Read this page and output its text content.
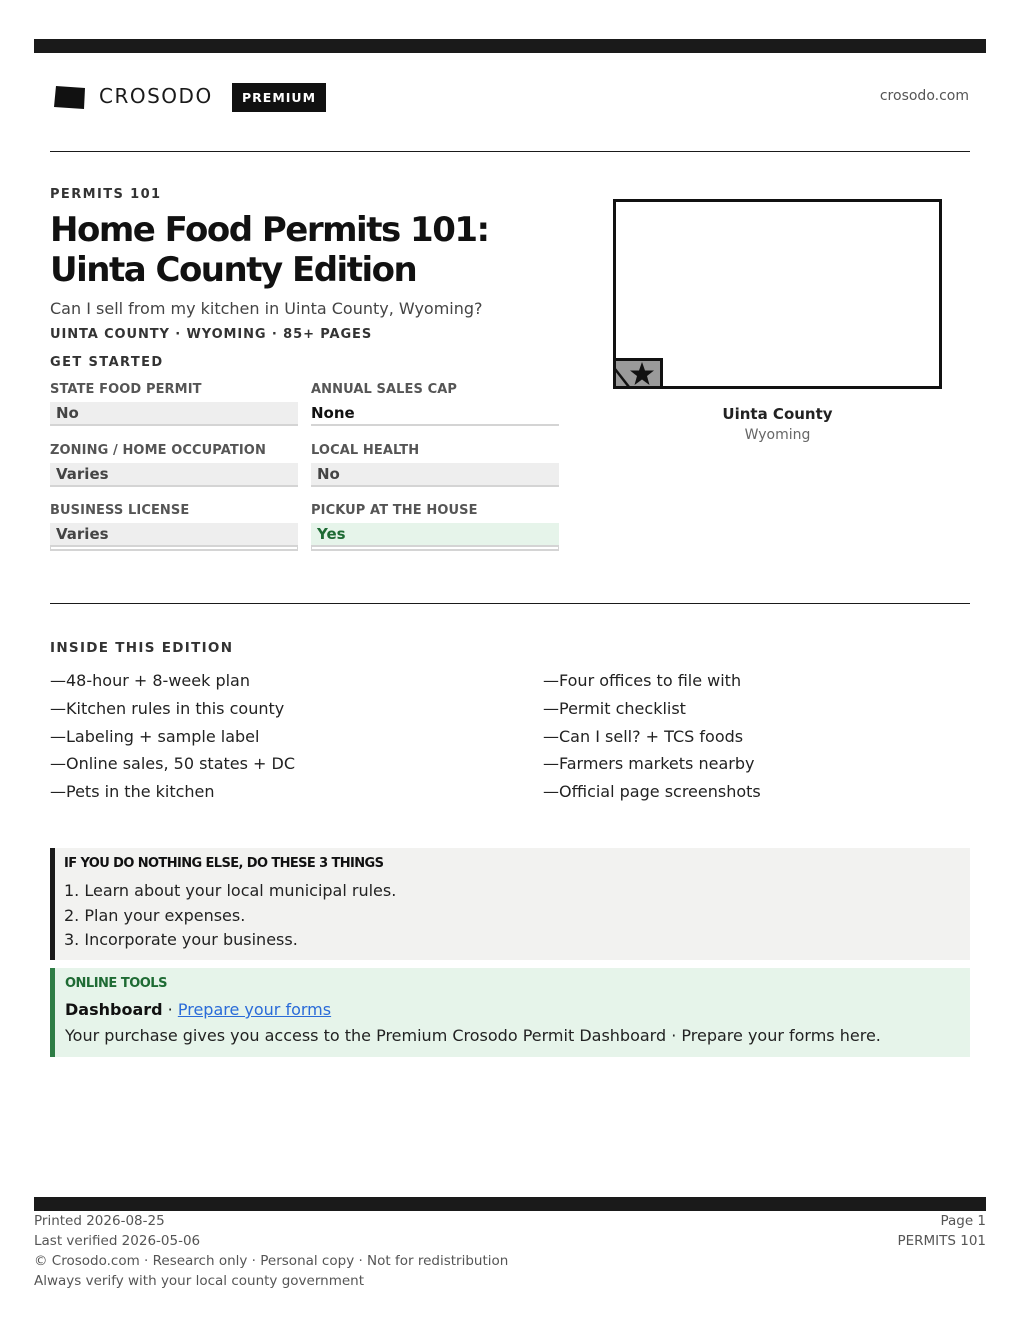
CROSODO	PREMIUM	crosodo.com
PERMITS 101
Home Food Permits 101: Uinta County Edition
Can I sell from my kitchen in Uinta County, Wyoming?
UINTA COUNTY · WYOMING · 85+ PAGES
GET STARTED
STATE FOOD PERMIT
No
ANNUAL SALES CAP
None
ZONING / HOME OCCUPATION
Varies
LOCAL HEALTH
No
BUSINESS LICENSE
Varies
PICKUP AT THE HOUSE
Yes
Uinta County
Wyoming
INSIDE THIS EDITION
—48-hour + 8-week plan
—Kitchen rules in this county
—Labeling + sample label
—Online sales, 50 states + DC
—Pets in the kitchen
—Four offices to file with
—Permit checklist
—Can I sell? + TCS foods
—Farmers markets nearby
—Official page screenshots
IF YOU DO NOTHING ELSE, DO THESE 3 THINGS
1. Learn about your local municipal rules.
2. Plan your expenses.
3. Incorporate your business.
ONLINE TOOLS
Dashboard · Prepare your forms
Your purchase gives you access to the Premium Crosodo Permit Dashboard · Prepare your forms here.
Printed 2026-08-25
Last verified 2026-05-06
© Crosodo.com · Research only · Personal copy · Not for redistribution
Always verify with your local county government
Page 1
PERMITS 101
